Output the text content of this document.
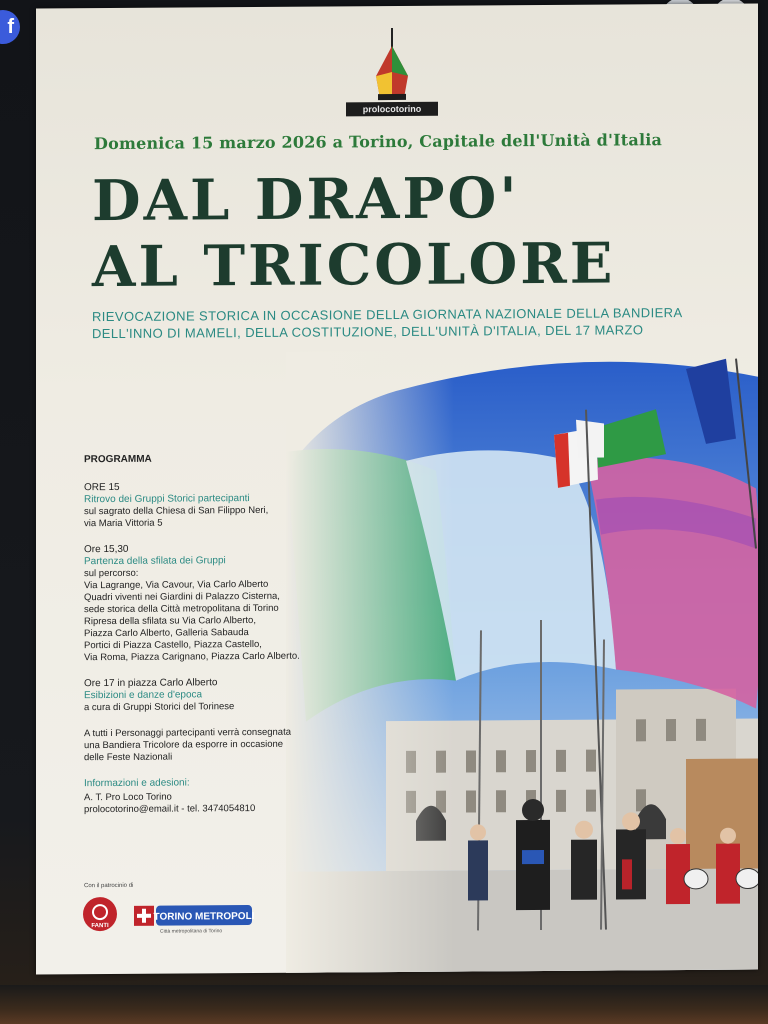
f
prolocotorino
Domenica 15 marzo 2026 a Torino, Capitale dell'Unità d'Italia
DAL DRAPO'
AL TRICOLORE
RIEVOCAZIONE STORICA IN OCCASIONE DELLA GIORNATA NAZIONALE DELLA BANDIERA
DELL'INNO DI MAMELI, DELLA COSTITUZIONE, DELL'UNITÀ D'ITALIA, DEL 17 MARZO
PROGRAMMA
ORE 15
Ritrovo dei Gruppi Storici partecipanti
sul sagrato della Chiesa di San Filippo Neri,
via Maria Vittoria 5
Ore 15,30
Partenza della sfilata dei Gruppi
sul percorso:
Via Lagrange, Via Cavour, Via Carlo Alberto
Quadri viventi nei Giardini di Palazzo Cisterna,
sede storica della Città metropolitana di Torino
Ripresa della sfilata su Via Carlo Alberto,
Piazza Carlo Alberto, Galleria Sabauda
Portici di Piazza Castello, Piazza Castello,
Via Roma, Piazza Carignano, Piazza Carlo Alberto.
Ore 17 in piazza Carlo Alberto
Esibizioni e danze d'epoca
a cura di Gruppi Storici del Torinese
A tutti i Personaggi partecipanti verrà consegnata
una Bandiera Tricolore da esporre in occasione
delle Feste Nazionali
Informazioni e adesioni:
A. T. Pro Loco Torino
prolocotorino@email.it - tel. 3474054810
Con il patrocinio di
FANTI
TORINO METROPOLI
Città metropolitana di Torino
